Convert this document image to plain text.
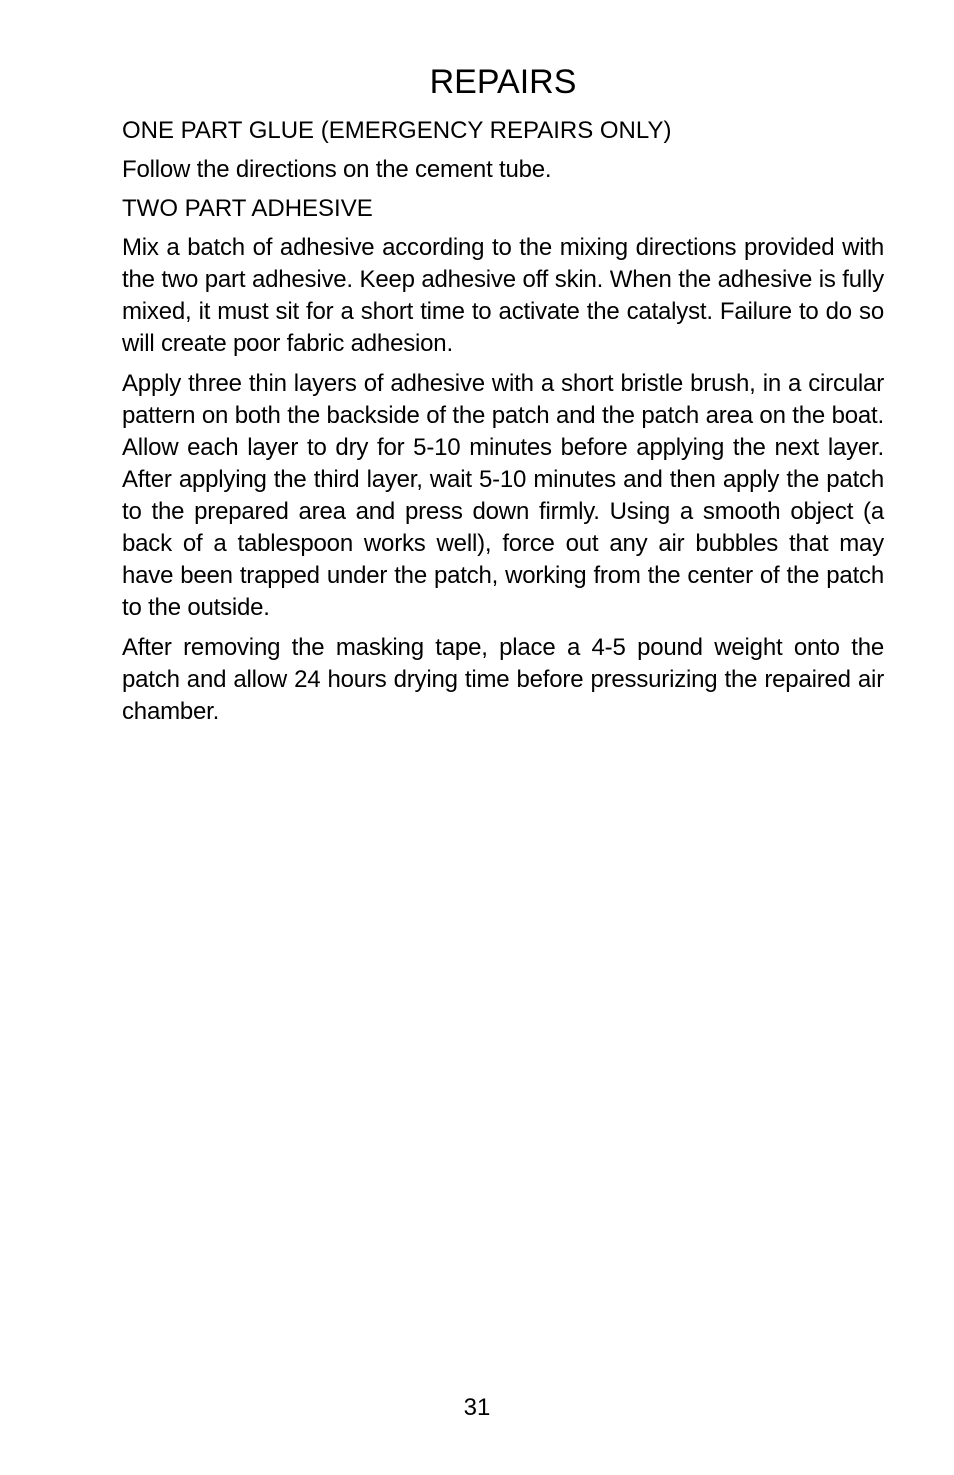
REPAIRS
ONE PART GLUE (EMERGENCY REPAIRS ONLY)

Follow the directions on the cement tube.

TWO PART ADHESIVE

Mix a batch of adhesive according to the mixing directions provided with the two part adhesive. Keep adhesive off skin. When the adhesive is fully mixed, it must sit for a short time to activate the catalyst. Failure to do so will create poor fabric adhesion.

Apply three thin layers of adhesive with a short bristle brush, in a circular pattern on both the backside of the patch and the patch area on the boat. Allow each layer to dry for 5-10 minutes before applying the next layer. After applying the third layer, wait 5-10 minutes and then apply the patch to the prepared area and press down firmly. Using a smooth object (a back of a tablespoon works well), force out any air bubbles that may have been trapped under the patch, working from the center of the patch to the outside.

After removing the masking tape, place a 4-5 pound weight onto the patch and allow 24 hours drying time before pressurizing the repaired air chamber.

31
